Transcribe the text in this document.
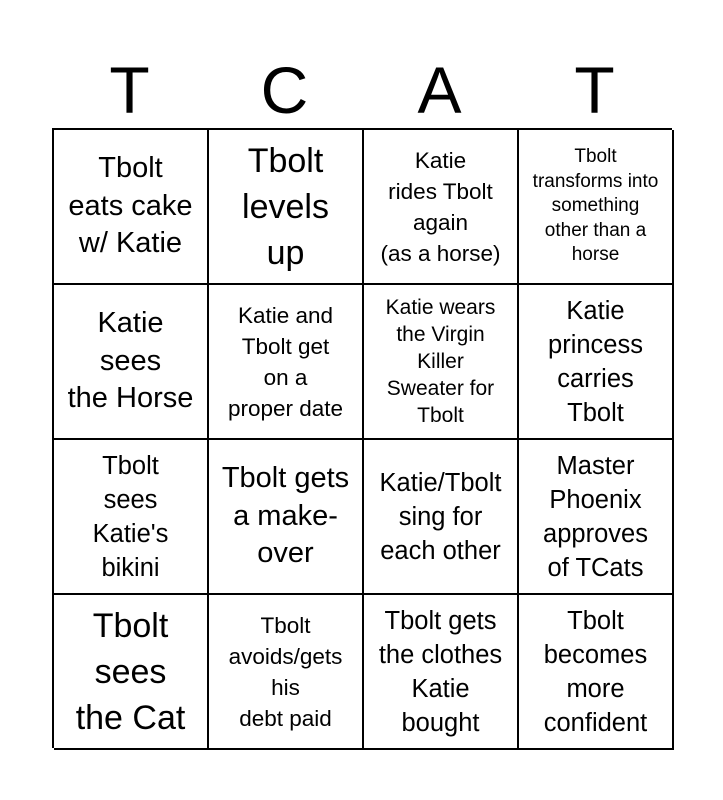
T	C	A	T
Tbolt
eats cake
w/ Katie
Tbolt
levels
up
Katie
rides Tbolt
again
(as a horse)
Tbolt
transforms into
something
other than a
horse
Katie
sees
the Horse
Katie and
Tbolt get
on a
proper date
Katie wears
the Virgin
Killer
Sweater for
Tbolt
Katie
princess
carries
Tbolt
Tbolt
sees
Katie's
bikini
Tbolt gets
a make-
over
Katie/Tbolt
sing for
each other
Master
Phoenix
approves
of TCats
Tbolt
sees
the Cat
Tbolt
avoids/gets
his
debt paid
Tbolt gets
the clothes
Katie
bought
Tbolt
becomes
more
confident
